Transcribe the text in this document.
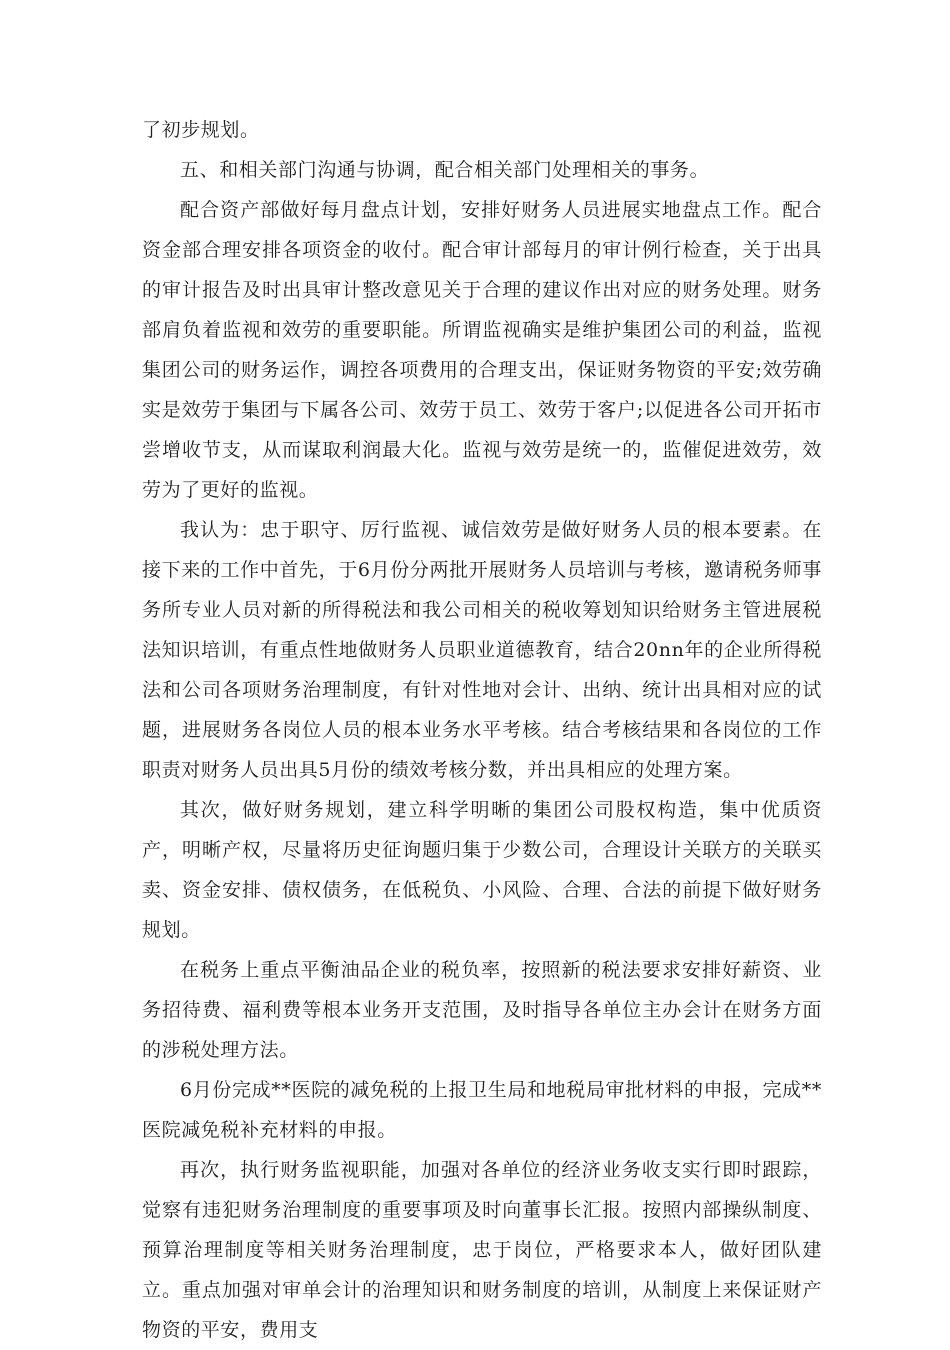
了初步规划。

五、和相关部门沟通与协调，配合相关部门处理相关的事务。

配合资产部做好每月盘点计划，安排好财务人员进展实地盘点工作。配合资金部合理安排各项资金的收付。配合审计部每月的审计例行检查，关于出具的审计报告及时出具审计整改意见关于合理的建议作出对应的财务处理。财务部肩负着监视和效劳的重要职能。所谓监视确实是维护集团公司的利益，监视集团公司的财务运作，调控各项费用的合理支出，保证财务物资的平安;效劳确实是效劳于集团与下属各公司、效劳于员工、效劳于客户;以促进各公司开拓市尝增收节支，从而谋取利润最大化。监视与效劳是统一的，监催促进效劳，效劳为了更好的监视。

我认为：忠于职守、厉行监视、诚信效劳是做好财务人员的根本要素。在接下来的工作中首先，于6月份分两批开展财务人员培训与考核，邀请税务师事务所专业人员对新的所得税法和我公司相关的税收筹划知识给财务主管进展税法知识培训，有重点性地做财务人员职业道德教育，结合20nn年的企业所得税法和公司各项财务治理制度，有针对性地对会计、出纳、统计出具相对应的试题，进展财务各岗位人员的根本业务水平考核。结合考核结果和各岗位的工作职责对财务人员出具5月份的绩效考核分数，并出具相应的处理方案。

其次，做好财务规划，建立科学明晰的集团公司股权构造，集中优质资产，明晰产权，尽量将历史征询题归集于少数公司，合理设计关联方的关联买卖、资金安排、债权债务，在低税负、小风险、合理、合法的前提下做好财务规划。

在税务上重点平衡油品企业的税负率，按照新的税法要求安排好薪资、业务招待费、福利费等根本业务开支范围，及时指导各单位主办会计在财务方面的涉税处理方法。

6月份完成**医院的减免税的上报卫生局和地税局审批材料的申报，完成**医院减免税补充材料的申报。

再次，执行财务监视职能，加强对各单位的经济业务收支实行即时跟踪，觉察有违犯财务治理制度的重要事项及时向董事长汇报。按照内部操纵制度、预算治理制度等相关财务治理制度，忠于岗位，严格要求本人，做好团队建立。重点加强对审单会计的治理知识和财务制度的培训，从制度上来保证财产物资的平安，费用支
